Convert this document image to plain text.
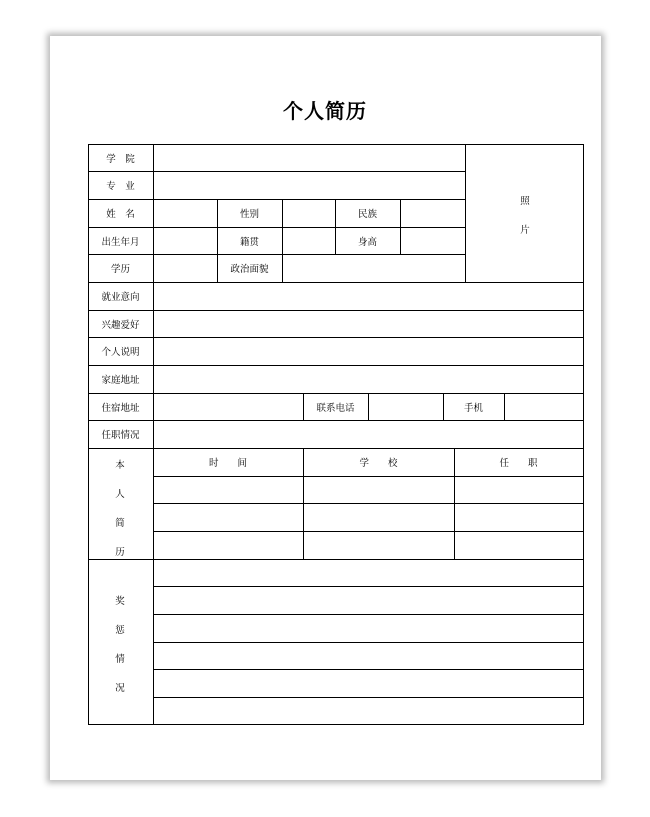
个人简历
学　院
专　业
姓　名	性别	民族
出生年月	籍贯	身高
学历	政治面貌
照
片
就业意向
兴趣爱好
个人说明
家庭地址
住宿地址	联系电话	手机
任职情况
本
人
简
历
时　　间	学　　校	任　　职
奖
惩
情
况
